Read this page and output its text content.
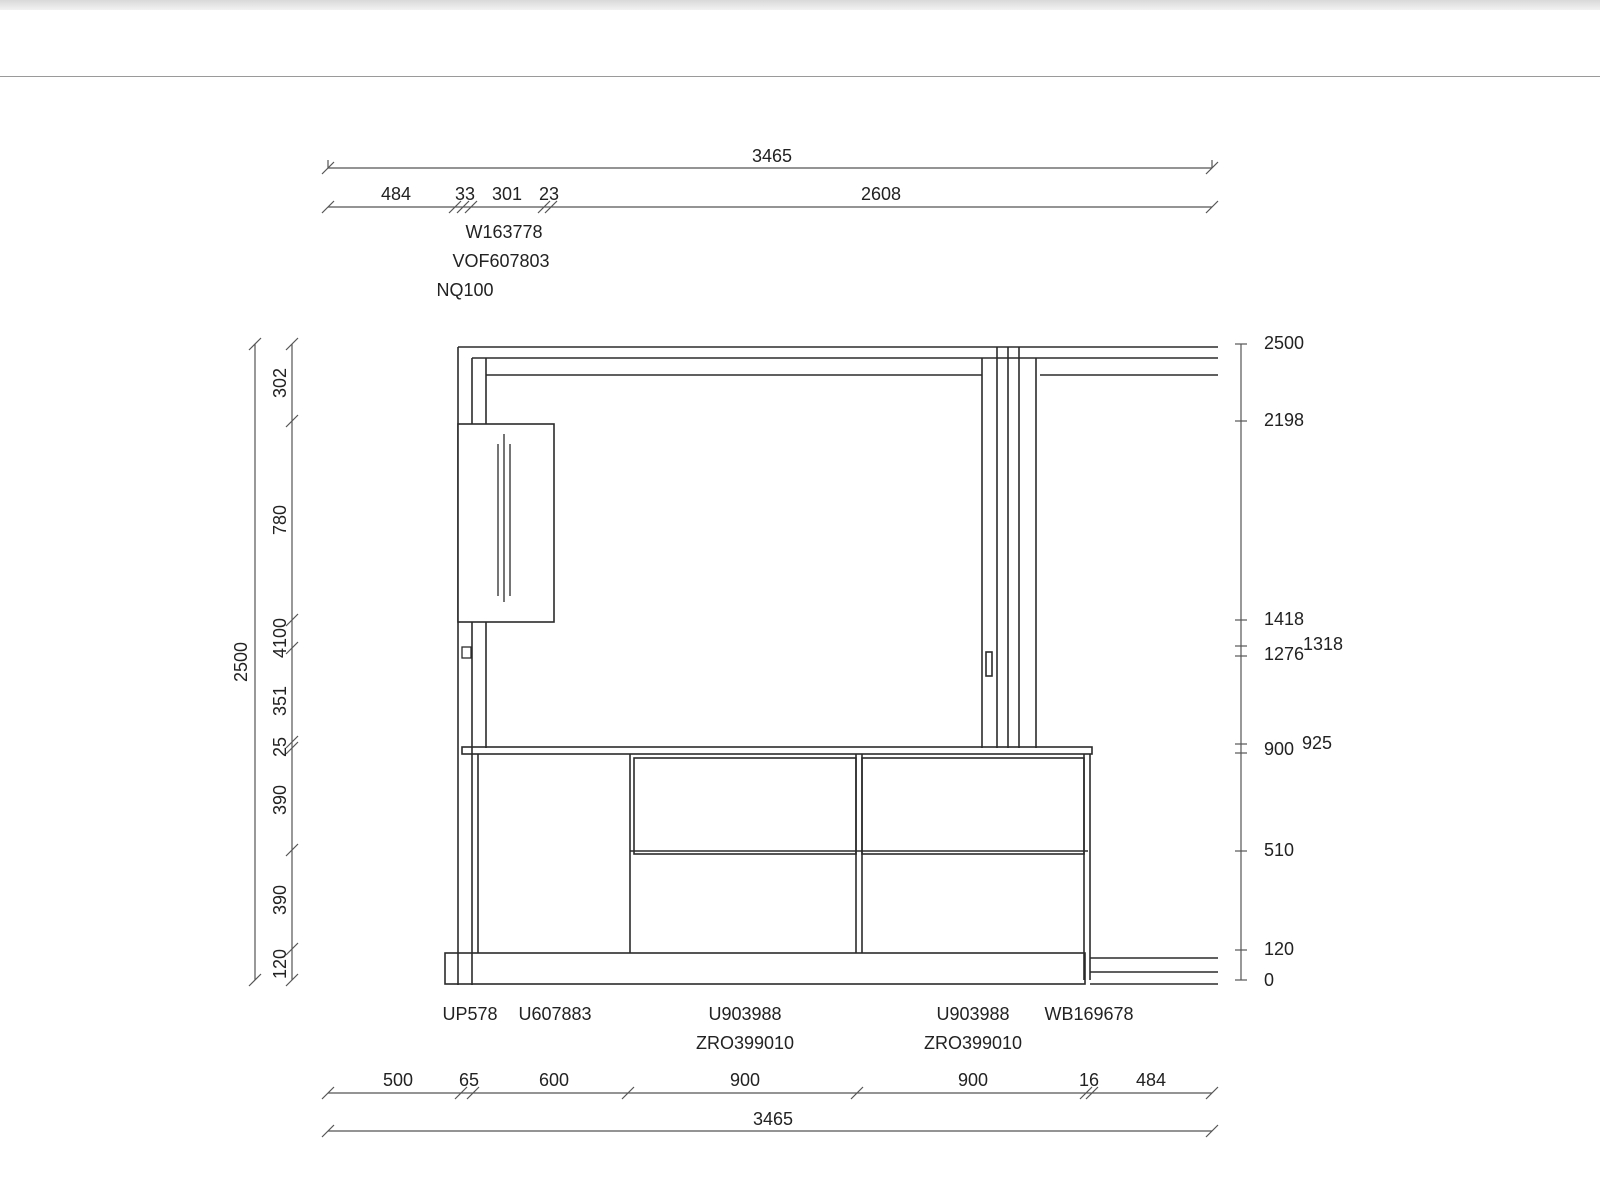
3465
484 33 301 23	2608
W163778
VOF607803
NQ100
2500
302
780
4100
351
25
390
390
120
2500
2198
1418
1276
1318
900 925
510
120
0
UP578 U607883	U903988
ZRO399010
U903988
ZRO399010
WB169678
500	65	600	900	900	16 484
3465
